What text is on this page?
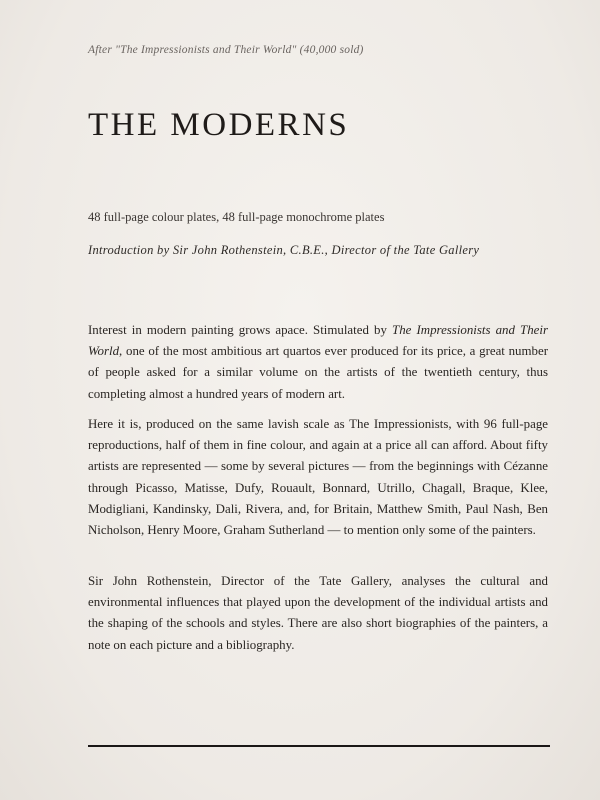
After "The Impressionists and Their World" (40,000 sold)
THE MODERNS
48 full-page colour plates, 48 full-page monochrome plates
Introduction by Sir John Rothenstein, C.B.E., Director of the Tate Gallery
Interest in modern painting grows apace. Stimulated by The Impressionists and Their World, one of the most ambitious art quartos ever produced for its price, a great number of people asked for a similar volume on the artists of the twentieth century, thus completing almost a hundred years of modern art.
Here it is, produced on the same lavish scale as The Impressionists, with 96 full-page reproductions, half of them in fine colour, and again at a price all can afford. About fifty artists are represented — some by several pictures — from the beginnings with Cézanne through Picasso, Matisse, Dufy, Rouault, Bonnard, Utrillo, Chagall, Braque, Klee, Modigliani, Kandinsky, Dali, Rivera, and, for Britain, Matthew Smith, Paul Nash, Ben Nicholson, Henry Moore, Graham Sutherland — to mention only some of the painters.
Sir John Rothenstein, Director of the Tate Gallery, analyses the cultural and environmental influences that played upon the development of the individual artists and the shaping of the schools and styles. There are also short biographies of the painters, a note on each picture and a bibliography.
